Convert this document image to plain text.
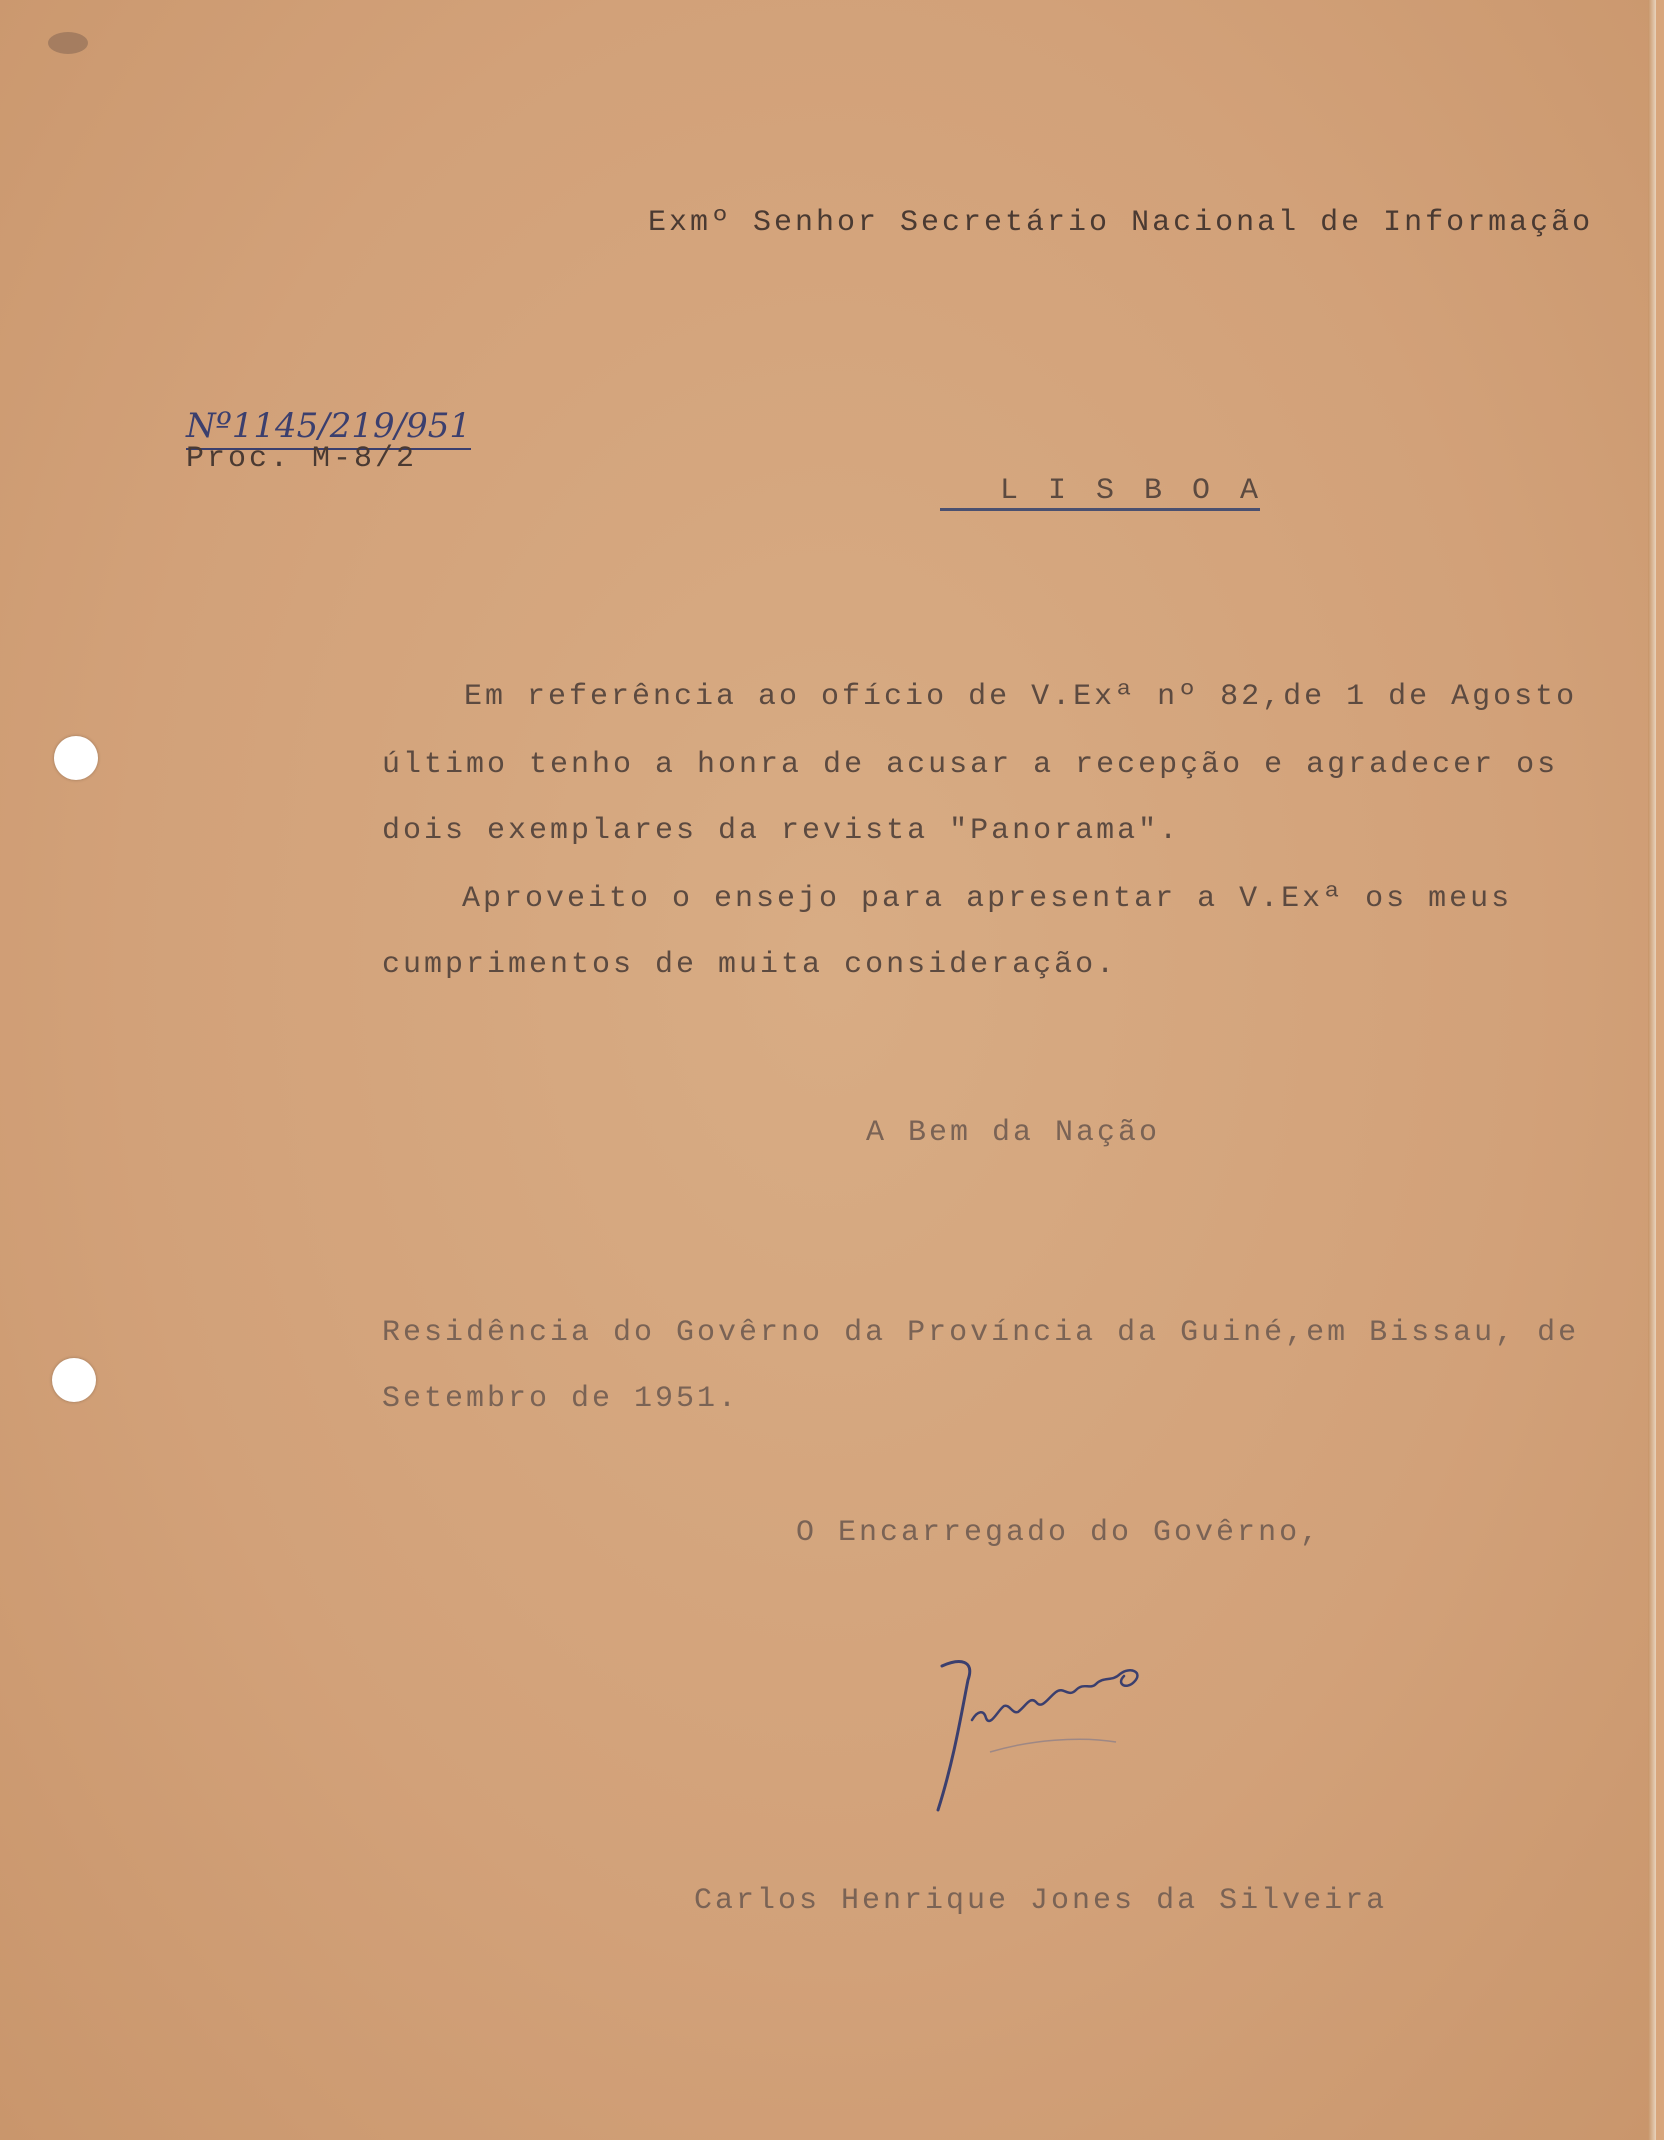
Exmº Senhor Secretário Nacional de Informação

Nº1145/219/951

Proc. M-8/2

L I S B O A

Em referência ao ofício de V.Exª nº 82,de 1 de Agosto

último tenho a honra de acusar a recepção e agradecer os

dois exemplares da revista "Panorama".

Aproveito o ensejo para apresentar a V.Exª os meus

cumprimentos de muita consideração.

A Bem da Nação

Residência do Govêrno da Província da Guiné,em Bissau, de

Setembro de 1951.

O Encarregado do Govêrno,

Carlos Henrique Jones da Silveira
